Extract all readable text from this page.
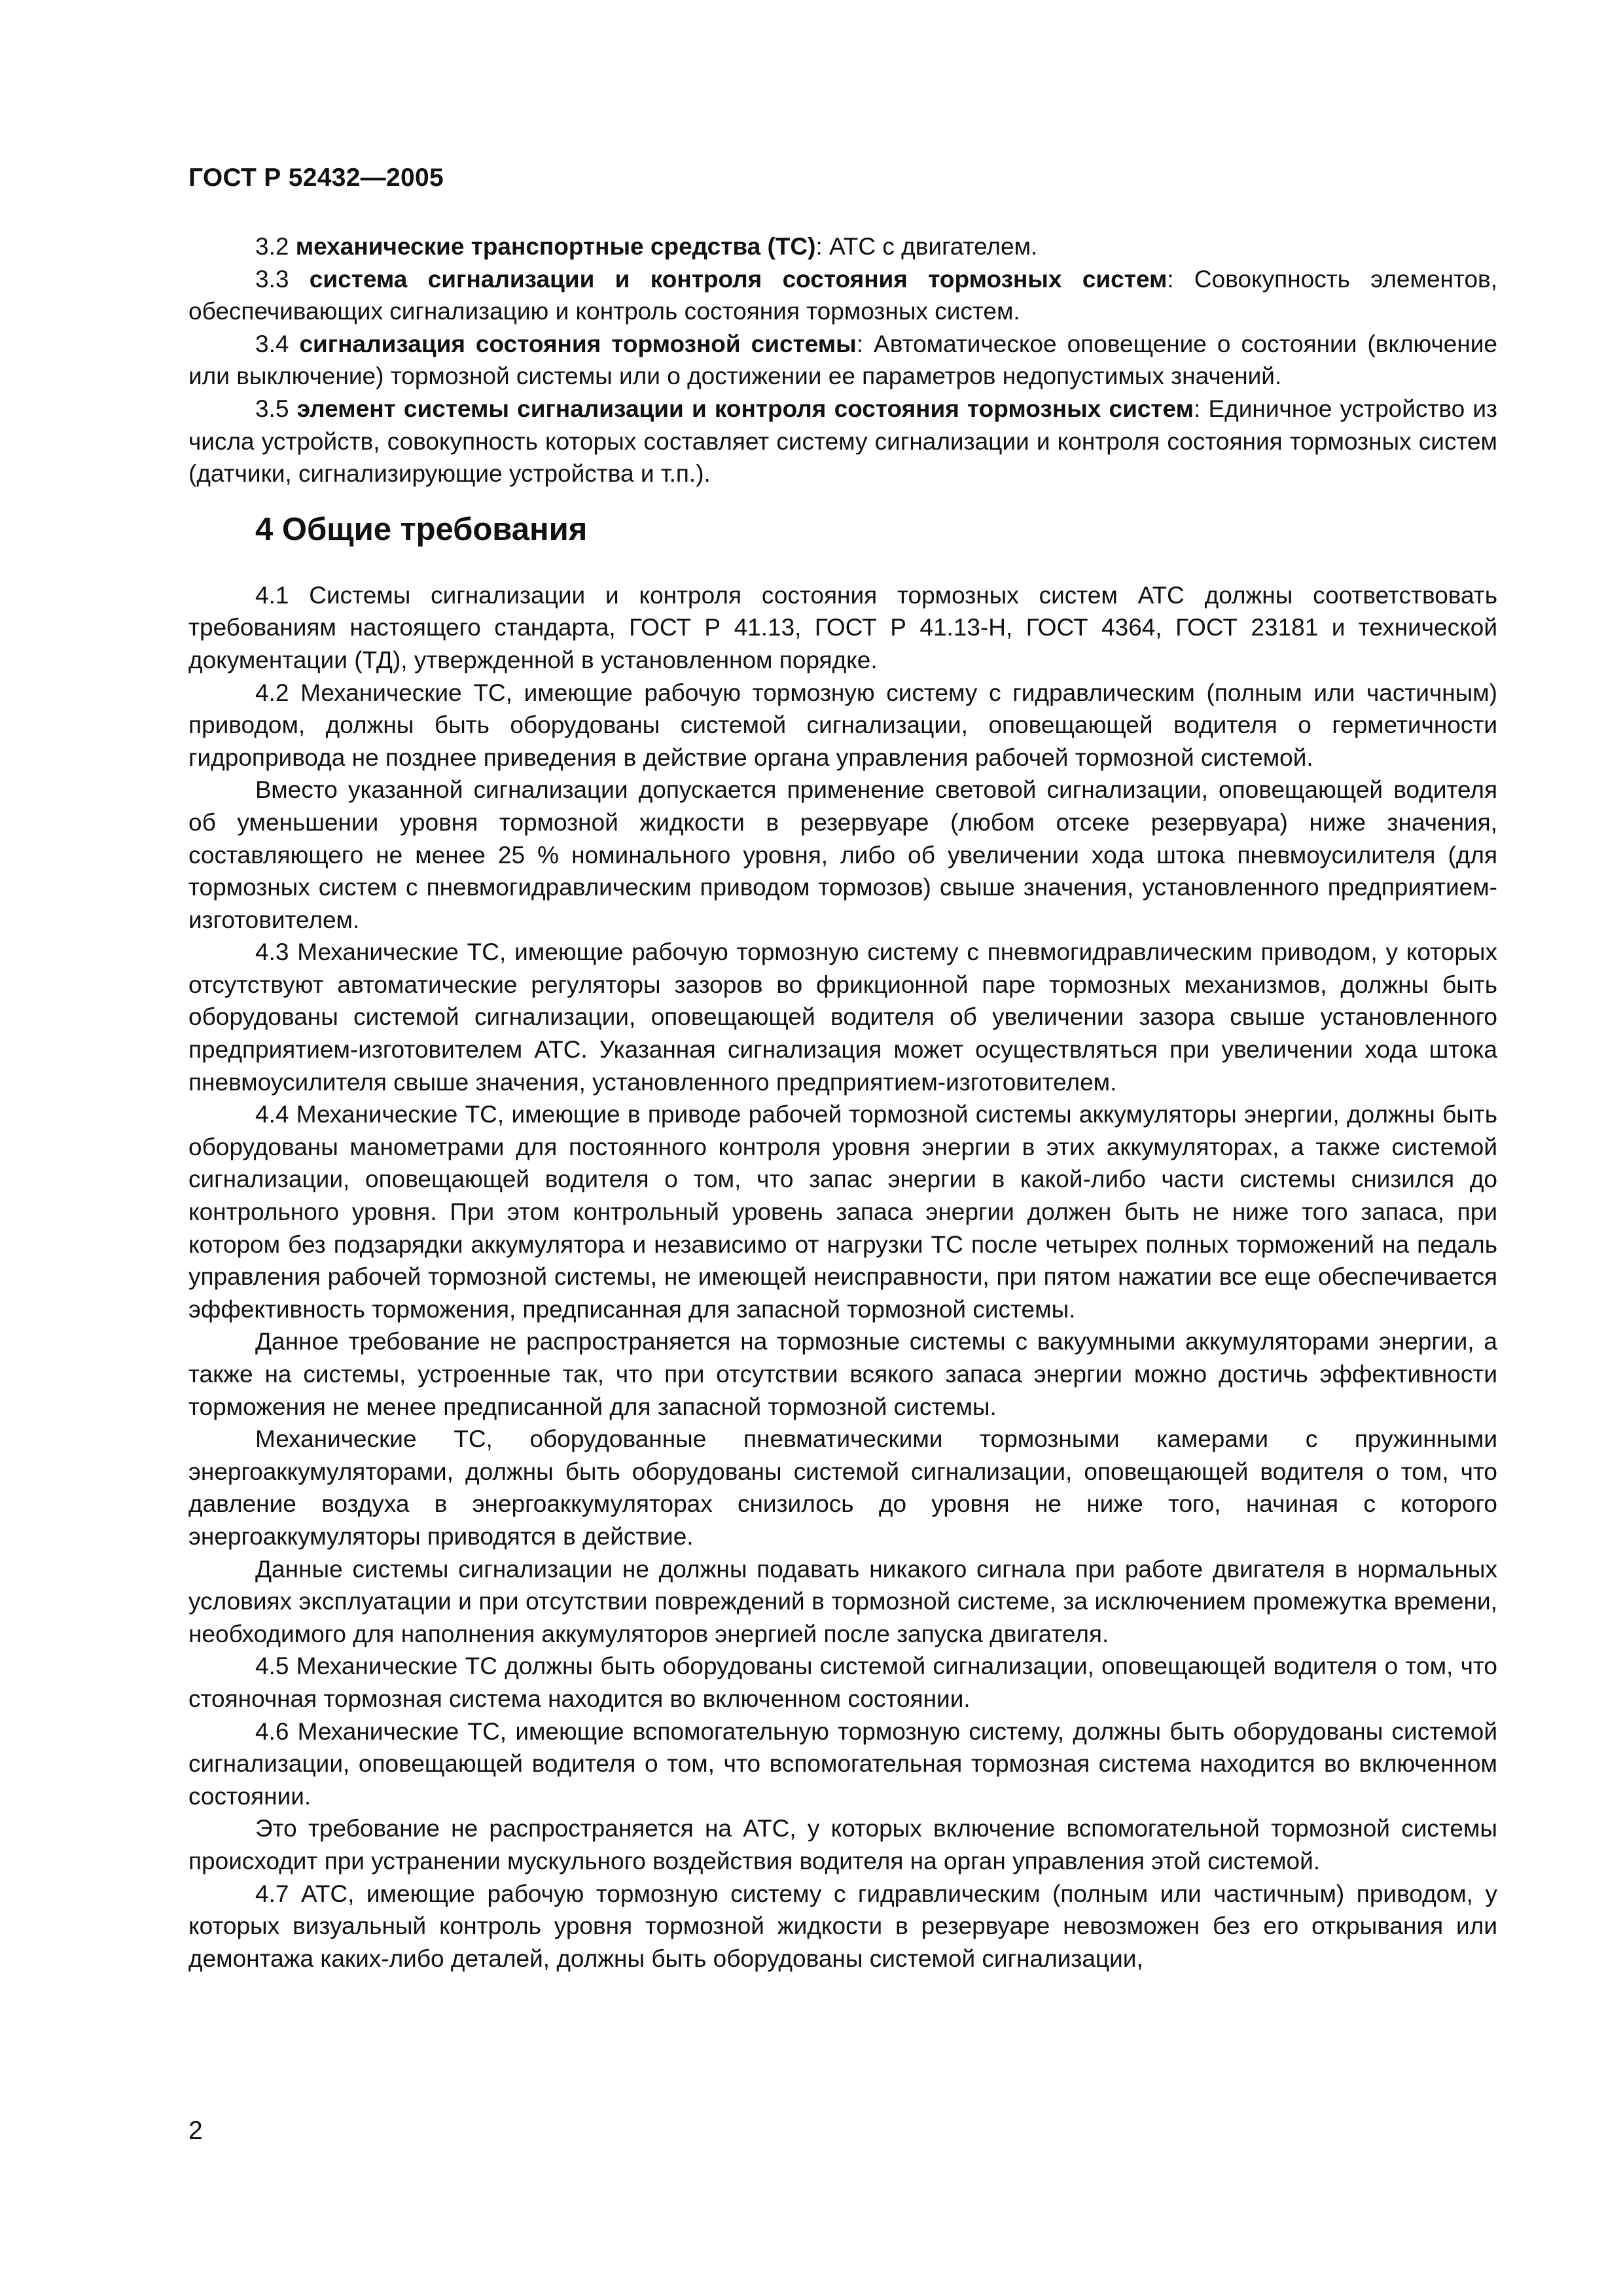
ГОСТ Р 52432—2005

3.2 механические транспортные средства (ТС): АТС с двигателем.

3.3 система сигнализации и контроля состояния тормозных систем: Совокупность элементов, обеспечивающих сигнализацию и контроль состояния тормозных систем.

3.4 сигнализация состояния тормозной системы: Автоматическое оповещение о состоянии (включение или выключение) тормозной системы или о достижении ее параметров недопустимых значений.

3.5 элемент системы сигнализации и контроля состояния тормозных систем: Единичное устройство из числа устройств, совокупность которых составляет систему сигнализации и контроля состояния тормозных систем (датчики, сигнализирующие устройства и т.п.).

4 Общие требования

4.1 Системы сигнализации и контроля состояния тормозных систем АТС должны соответствовать требованиям настоящего стандарта, ГОСТ Р 41.13, ГОСТ Р 41.13-Н, ГОСТ 4364, ГОСТ 23181 и технической документации (ТД), утвержденной в установленном порядке.

4.2 Механические ТС, имеющие рабочую тормозную систему с гидравлическим (полным или частичным) приводом, должны быть оборудованы системой сигнализации, оповещающей водителя о герметичности гидропривода не позднее приведения в действие органа управления рабочей тормозной системой.

Вместо указанной сигнализации допускается применение световой сигнализации, оповещающей водителя об уменьшении уровня тормозной жидкости в резервуаре (любом отсеке резервуара) ниже значения, составляющего не менее 25 % номинального уровня, либо об увеличении хода штока пневмоусилителя (для тормозных систем с пневмогидравлическим приводом тормозов) свыше значения, установленного предприятием-изготовителем.

4.3 Механические ТС, имеющие рабочую тормозную систему с пневмогидравлическим приводом, у которых отсутствуют автоматические регуляторы зазоров во фрикционной паре тормозных механизмов, должны быть оборудованы системой сигнализации, оповещающей водителя об увеличении зазора свыше установленного предприятием-изготовителем АТС. Указанная сигнализация может осуществляться при увеличении хода штока пневмоусилителя свыше значения, установленного предприятием-изготовителем.

4.4 Механические ТС, имеющие в приводе рабочей тормозной системы аккумуляторы энергии, должны быть оборудованы манометрами для постоянного контроля уровня энергии в этих аккумуляторах, а также системой сигнализации, оповещающей водителя о том, что запас энергии в какой-либо части системы снизился до контрольного уровня. При этом контрольный уровень запаса энергии должен быть не ниже того запаса, при котором без подзарядки аккумулятора и независимо от нагрузки ТС после четырех полных торможений на педаль управления рабочей тормозной системы, не имеющей неисправности, при пятом нажатии все еще обеспечивается эффективность торможения, предписанная для запасной тормозной системы.

Данное требование не распространяется на тормозные системы с вакуумными аккумуляторами энергии, а также на системы, устроенные так, что при отсутствии всякого запаса энергии можно достичь эффективности торможения не менее предписанной для запасной тормозной системы.

Механические ТС, оборудованные пневматическими тормозными камерами с пружинными энергоаккумуляторами, должны быть оборудованы системой сигнализации, оповещающей водителя о том, что давление воздуха в энергоаккумуляторах снизилось до уровня не ниже того, начиная с которого энергоаккумуляторы приводятся в действие.

Данные системы сигнализации не должны подавать никакого сигнала при работе двигателя в нормальных условиях эксплуатации и при отсутствии повреждений в тормозной системе, за исключением промежутка времени, необходимого для наполнения аккумуляторов энергией после запуска двигателя.

4.5 Механические ТС должны быть оборудованы системой сигнализации, оповещающей водителя о том, что стояночная тормозная система находится во включенном состоянии.

4.6 Механические ТС, имеющие вспомогательную тормозную систему, должны быть оборудованы системой сигнализации, оповещающей водителя о том, что вспомогательная тормозная система находится во включенном состоянии.

Это требование не распространяется на АТС, у которых включение вспомогательной тормозной системы происходит при устранении мускульного воздействия водителя на орган управления этой системой.

4.7 АТС, имеющие рабочую тормозную систему с гидравлическим (полным или частичным) приводом, у которых визуальный контроль уровня тормозной жидкости в резервуаре невозможен без его открывания или демонтажа каких-либо деталей, должны быть оборудованы системой сигнализации,

2
